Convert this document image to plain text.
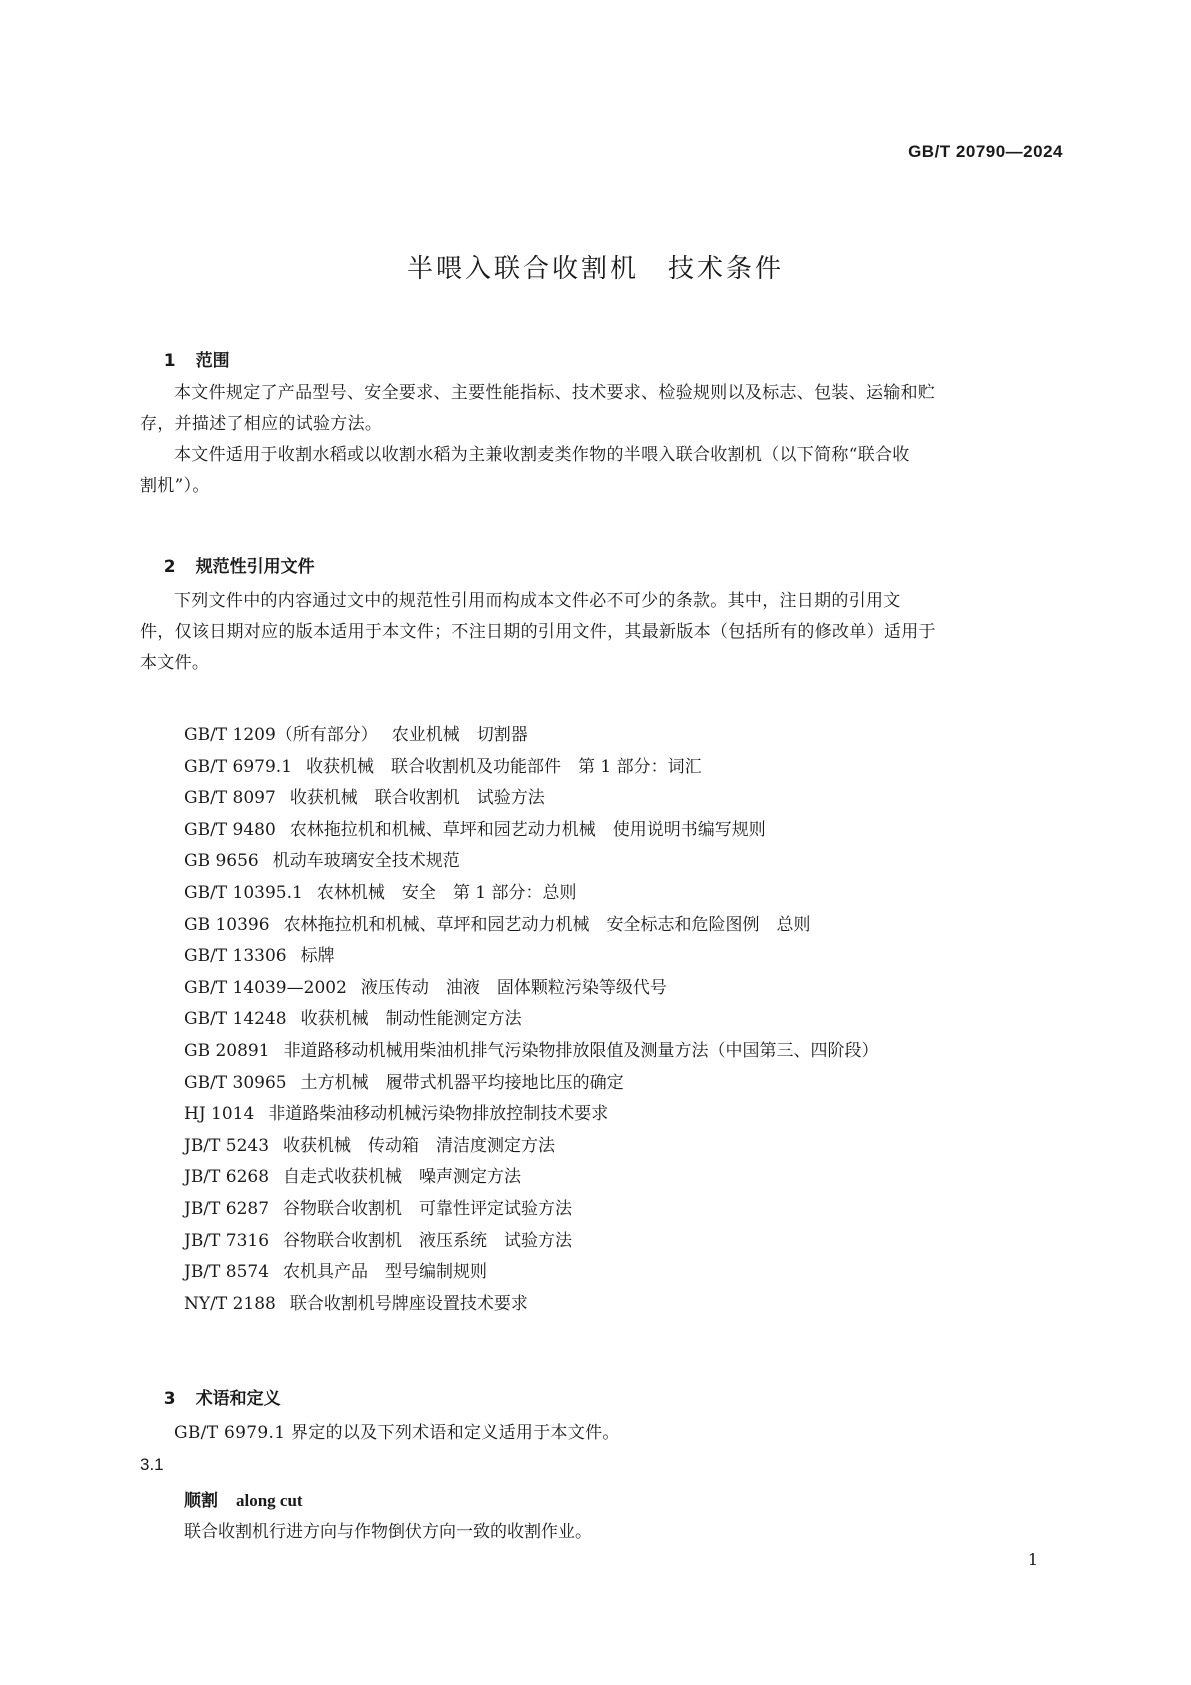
GB/T 20790—2024
半喂入联合收割机　技术条件

1 范围

本文件规定了产品型号、安全要求、主要性能指标、技术要求、检验规则以及标志、包装、运输和贮
存，并描述了相应的试验方法。
本文件适用于收割水稻或以收割水稻为主兼收割麦类作物的半喂入联合收割机（以下简称“联合收
割机”）。

2 规范性引用文件

下列文件中的内容通过文中的规范性引用而构成本文件必不可少的条款。其中，注日期的引用文
件，仅该日期对应的版本适用于本文件；不注日期的引用文件，其最新版本（包括所有的修改单）适用于
本文件。
GB/T 1209（所有部分） 农业机械　切割器
GB/T 6979.1 收获机械　联合收割机及功能部件　第 1 部分：词汇
GB/T 8097 收获机械　联合收割机　试验方法
GB/T 9480 农林拖拉机和机械、草坪和园艺动力机械　使用说明书编写规则
GB 9656 机动车玻璃安全技术规范
GB/T 10395.1 农林机械　安全　第 1 部分：总则
GB 10396 农林拖拉机和机械、草坪和园艺动力机械　安全标志和危险图例　总则
GB/T 13306 标牌
GB/T 14039—2002 液压传动　油液　固体颗粒污染等级代号
GB/T 14248 收获机械　制动性能测定方法
GB 20891 非道路移动机械用柴油机排气污染物排放限值及测量方法（中国第三、四阶段）
GB/T 30965 土方机械　履带式机器平均接地比压的确定
HJ 1014 非道路柴油移动机械污染物排放控制技术要求
JB/T 5243 收获机械　传动箱　清洁度测定方法
JB/T 6268 自走式收获机械　噪声测定方法
JB/T 6287 谷物联合收割机　可靠性评定试验方法
JB/T 7316 谷物联合收割机　液压系统　试验方法
JB/T 8574 农机具产品　型号编制规则
NY/T 2188 联合收割机号牌座设置技术要求

3 术语和定义

GB/T 6979.1 界定的以及下列术语和定义适用于本文件。
3.1
顺割 along cut
联合收割机行进方向与作物倒伏方向一致的收割作业。
1
